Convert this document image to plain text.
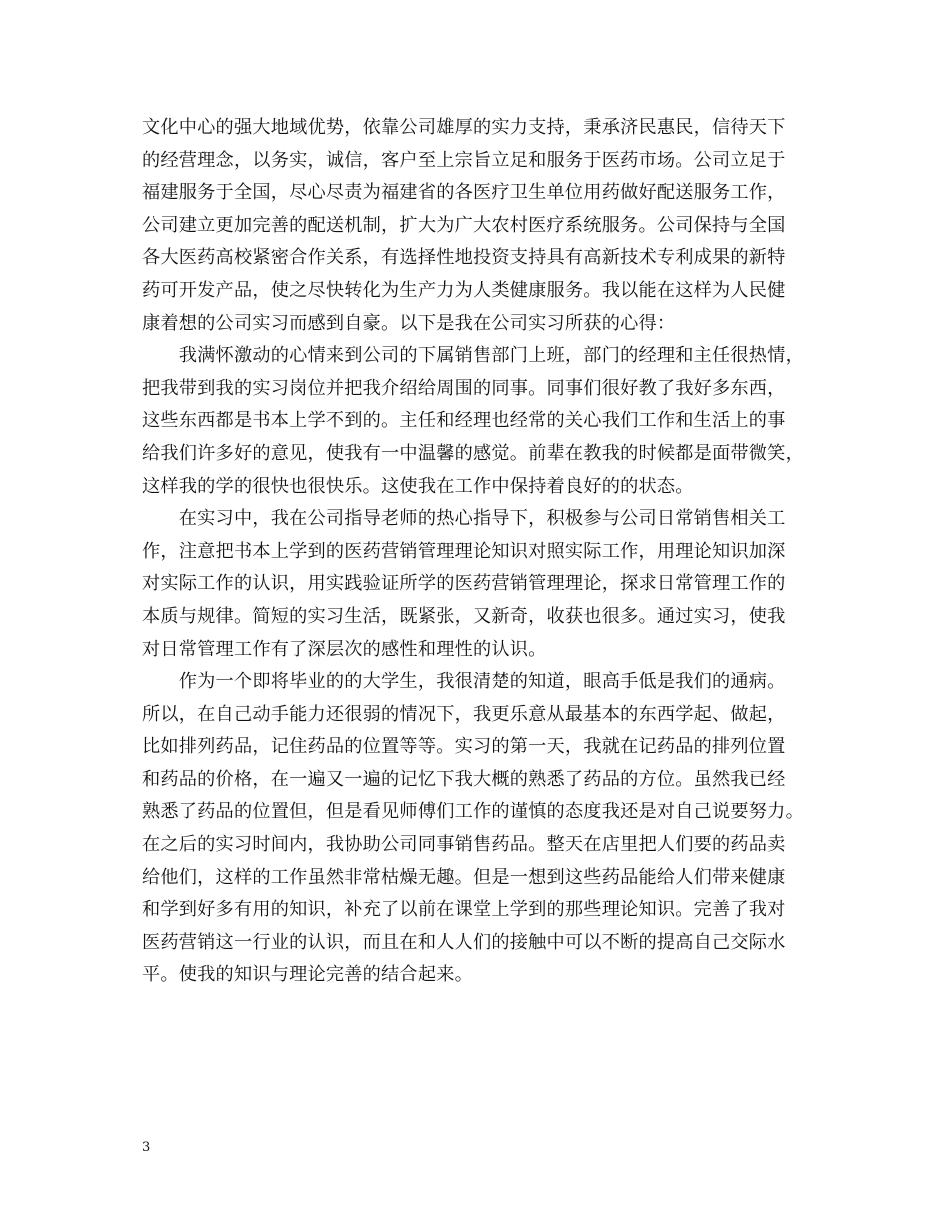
文化中心的强大地域优势，依靠公司雄厚的实力支持，秉承济民惠民，信待天下
的经营理念，以务实，诚信，客户至上宗旨立足和服务于医药市场。公司立足于
福建服务于全国，尽心尽责为福建省的各医疗卫生单位用药做好配送服务工作，
公司建立更加完善的配送机制，扩大为广大农村医疗系统服务。公司保持与全国
各大医药高校紧密合作关系，有选择性地投资支持具有高新技术专利成果的新特
药可开发产品，使之尽快转化为生产力为人类健康服务。我以能在这样为人民健
康着想的公司实习而感到自豪。以下是我在公司实习所获的心得：
　　我满怀激动的心情来到公司的下属销售部门上班，部门的经理和主任很热情，
把我带到我的实习岗位并把我介绍给周围的同事。同事们很好教了我好多东西，
这些东西都是书本上学不到的。主任和经理也经常的关心我们工作和生活上的事
给我们许多好的意见，使我有一中温馨的感觉。前辈在教我的时候都是面带微笑，
这样我的学的很快也很快乐。这使我在工作中保持着良好的的状态。
　　在实习中，我在公司指导老师的热心指导下，积极参与公司日常销售相关工
作，注意把书本上学到的医药营销管理理论知识对照实际工作，用理论知识加深
对实际工作的认识，用实践验证所学的医药营销管理理论，探求日常管理工作的
本质与规律。简短的实习生活，既紧张，又新奇，收获也很多。通过实习，使我
对日常管理工作有了深层次的感性和理性的认识。
　　作为一个即将毕业的的大学生，我很清楚的知道，眼高手低是我们的通病。
所以，在自己动手能力还很弱的情况下，我更乐意从最基本的东西学起、做起，
比如排列药品，记住药品的位置等等。实习的第一天，我就在记药品的排列位置
和药品的价格，在一遍又一遍的记忆下我大概的熟悉了药品的方位。虽然我已经
熟悉了药品的位置但，但是看见师傅们工作的谨慎的态度我还是对自己说要努力。
在之后的实习时间内，我协助公司同事销售药品。整天在店里把人们要的药品卖
给他们，这样的工作虽然非常枯燥无趣。但是一想到这些药品能给人们带来健康
和学到好多有用的知识，补充了以前在课堂上学到的那些理论知识。完善了我对
医药营销这一行业的认识，而且在和人人们的接触中可以不断的提高自己交际水
平。使我的知识与理论完善的结合起来。
3
